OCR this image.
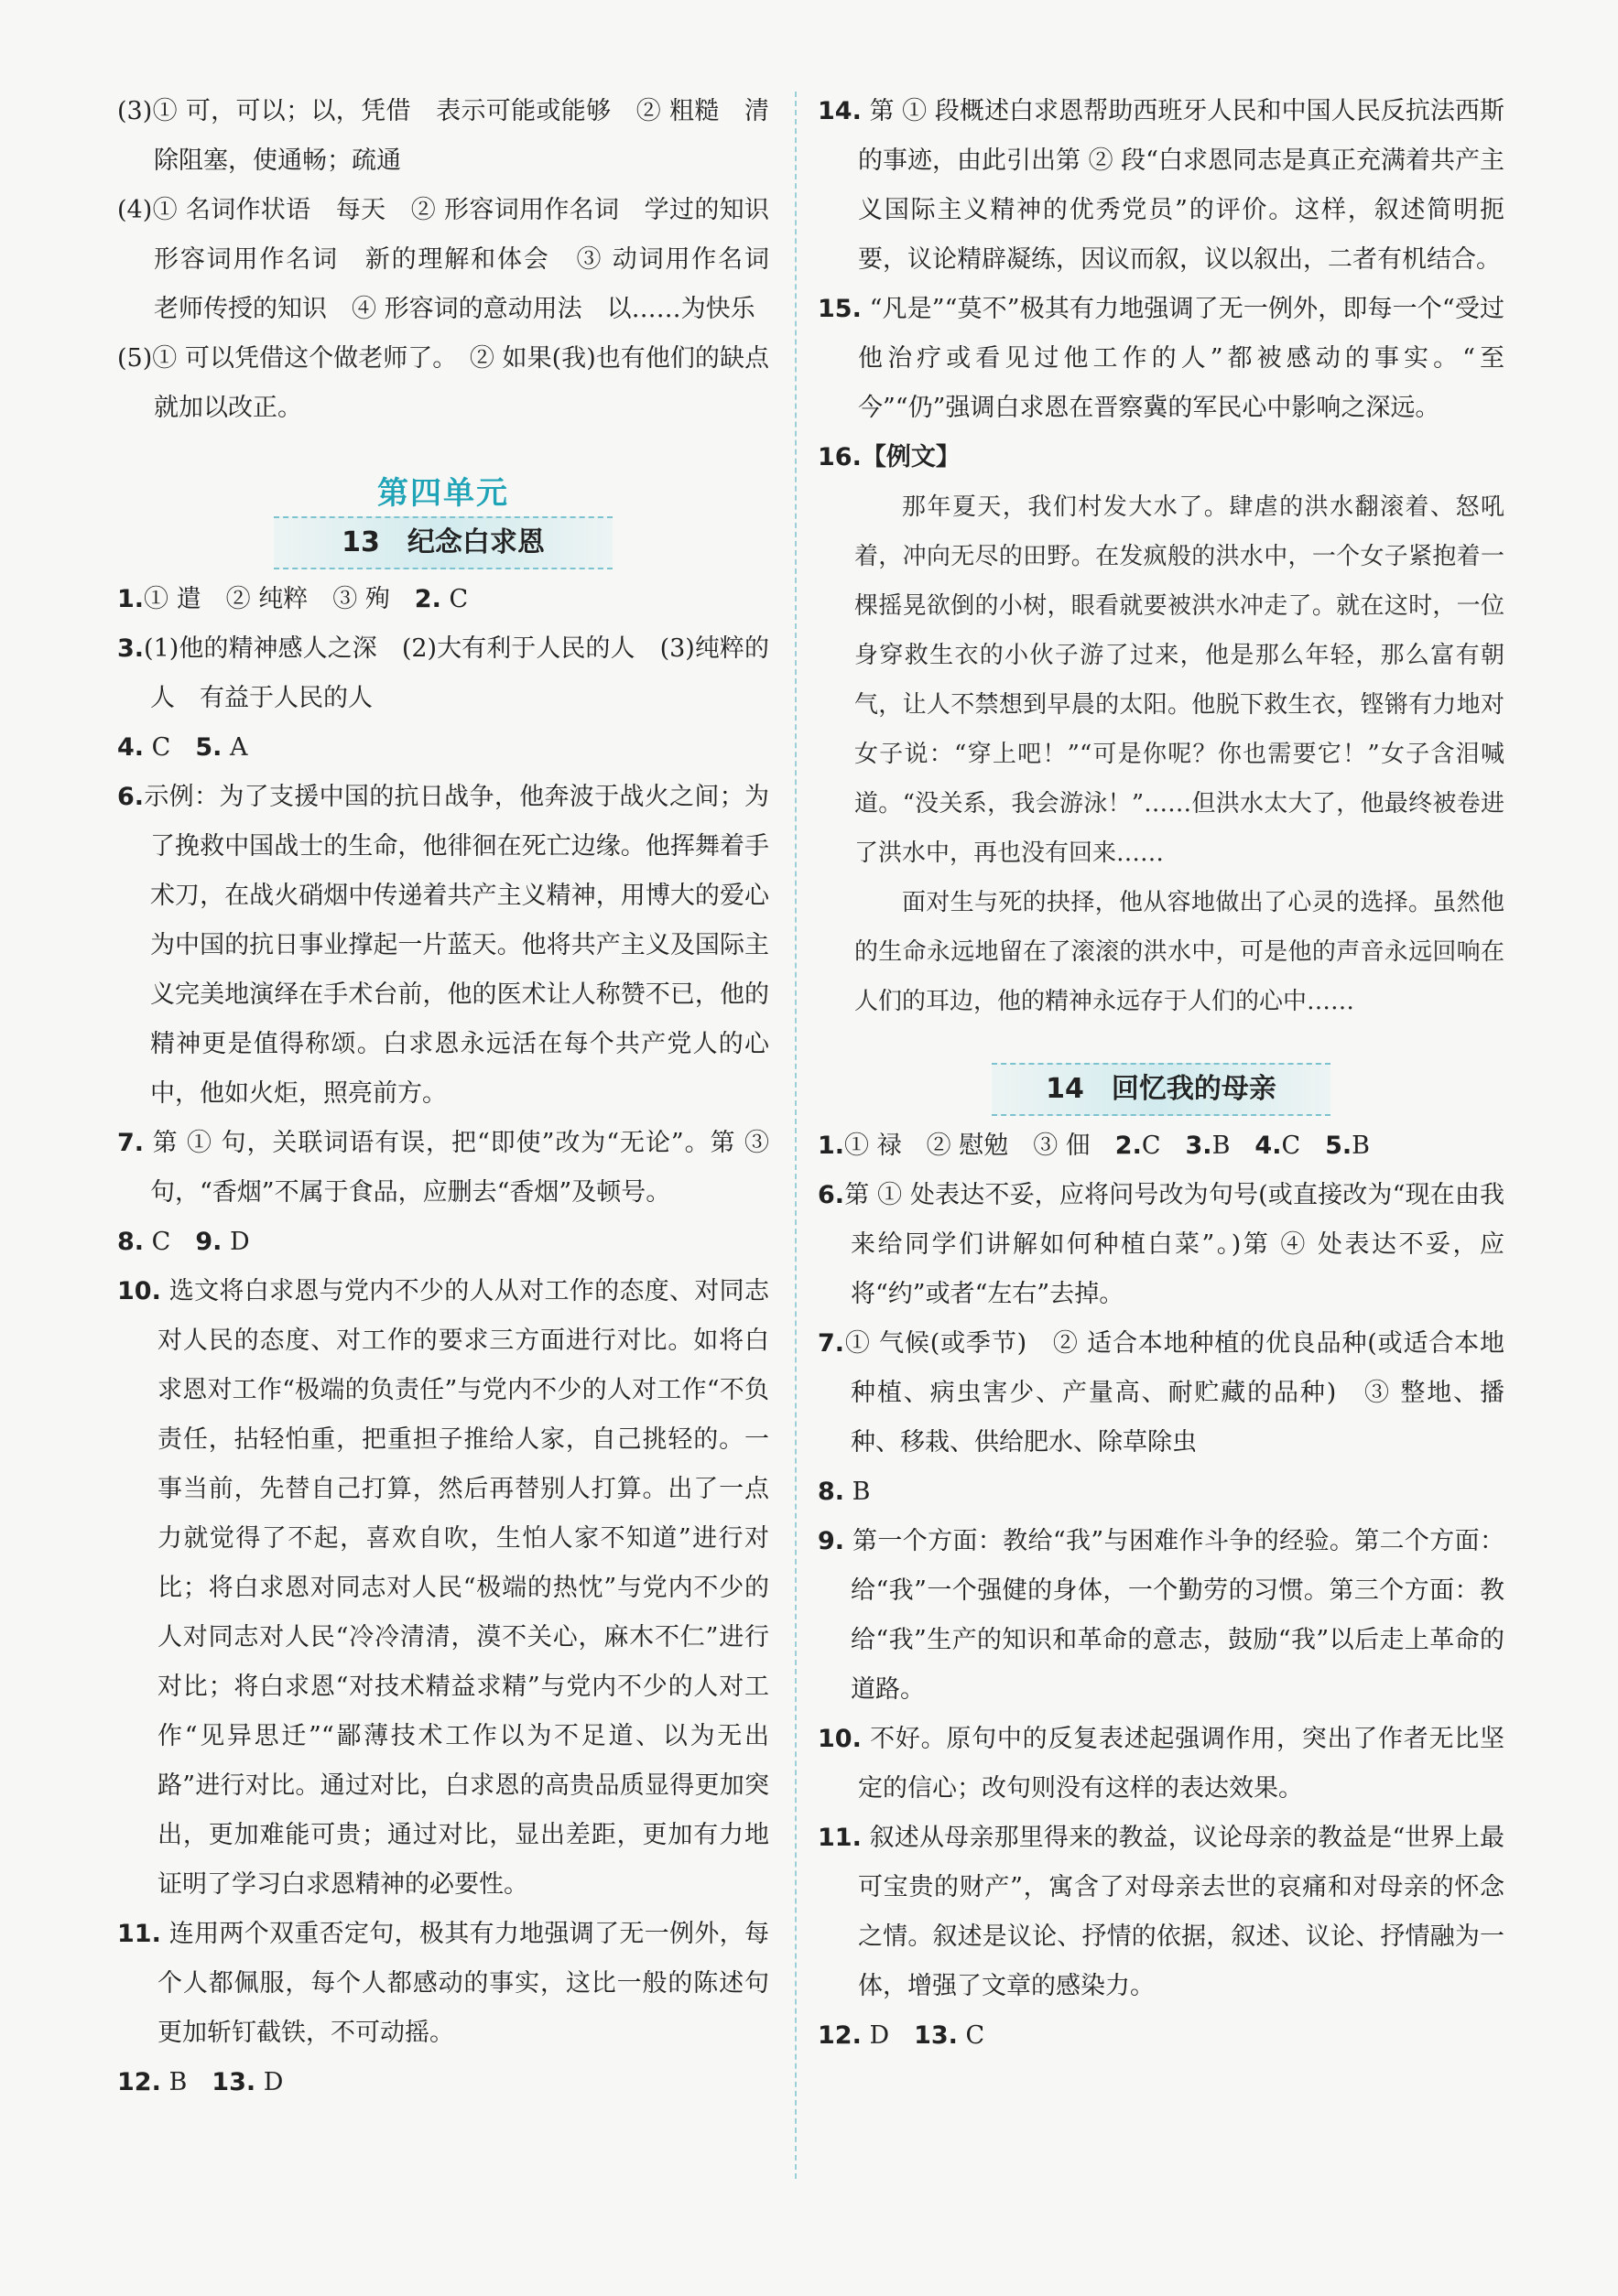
(3)① 可，可以；以，凭借　表示可能或能够　② 粗糙　清除阻塞，使通畅；疏通

(4)① 名词作状语　每天　② 形容词用作名词　学过的知识　形容词用作名词　新的理解和体会　③ 动词用作名词　老师传授的知识　④ 形容词的意动用法　以……为快乐

(5)① 可以凭借这个做老师了。　② 如果(我)也有他们的缺点就加以改正。

第四单元
13　纪念白求恩

1.① 遣　② 纯粹　③ 殉　2. C

3.(1)他的精神感人之深　(2)大有利于人民的人　(3)纯粹的人　有益于人民的人

4. C　5. A

6.示例：为了支援中国的抗日战争，他奔波于战火之间；为了挽救中国战士的生命，他徘徊在死亡边缘。他挥舞着手术刀，在战火硝烟中传递着共产主义精神，用博大的爱心为中国的抗日事业撑起一片蓝天。他将共产主义及国际主义完美地演绎在手术台前，他的医术让人称赞不已，他的精神更是值得称颂。白求恩永远活在每个共产党人的心中，他如火炬，照亮前方。

7. 第 ① 句，关联词语有误，把“即使”改为“无论”。第 ③ 句，“香烟”不属于食品，应删去“香烟”及顿号。

8. C　9. D

10. 选文将白求恩与党内不少的人从对工作的态度、对同志对人民的态度、对工作的要求三方面进行对比。如将白求恩对工作“极端的负责任”与党内不少的人对工作“不负责任，拈轻怕重，把重担子推给人家，自己挑轻的。一事当前，先替自己打算，然后再替别人打算。出了一点力就觉得了不起，喜欢自吹，生怕人家不知道”进行对比；将白求恩对同志对人民“极端的热忱”与党内不少的人对同志对人民“冷冷清清，漠不关心，麻木不仁”进行对比；将白求恩“对技术精益求精”与党内不少的人对工作“见异思迁”“鄙薄技术工作以为不足道、以为无出路”进行对比。通过对比，白求恩的高贵品质显得更加突出，更加难能可贵；通过对比，显出差距，更加有力地证明了学习白求恩精神的必要性。

11. 连用两个双重否定句，极其有力地强调了无一例外，每个人都佩服，每个人都感动的事实，这比一般的陈述句更加斩钉截铁，不可动摇。

12. B　13. D

14. 第 ① 段概述白求恩帮助西班牙人民和中国人民反抗法西斯的事迹，由此引出第 ② 段“白求恩同志是真正充满着共产主义国际主义精神的优秀党员”的评价。这样，叙述简明扼要，议论精辟凝练，因议而叙，议以叙出，二者有机结合。

15. “凡是”“莫不”极其有力地强调了无一例外，即每一个“受过他治疗或看见过他工作的人”都被感动的事实。“至今”“仍”强调白求恩在晋察冀的军民心中影响之深远。

16.【例文】

那年夏天，我们村发大水了。肆虐的洪水翻滚着、怒吼着，冲向无尽的田野。在发疯般的洪水中，一个女子紧抱着一棵摇晃欲倒的小树，眼看就要被洪水冲走了。就在这时，一位身穿救生衣的小伙子游了过来，他是那么年轻，那么富有朝气，让人不禁想到早晨的太阳。他脱下救生衣，铿锵有力地对女子说：“穿上吧！”“可是你呢？你也需要它！”女子含泪喊道。“没关系，我会游泳！”……但洪水太大了，他最终被卷进了洪水中，再也没有回来……

面对生与死的抉择，他从容地做出了心灵的选择。虽然他的生命永远地留在了滚滚的洪水中，可是他的声音永远回响在人们的耳边，他的精神永远存于人们的心中……

14　回忆我的母亲

1.① 禄　② 慰勉　③ 佃　2.C　 3.B　 4.C　 5.B

6.第 ① 处表达不妥，应将问号改为句号(或直接改为“现在由我来给同学们讲解如何种植白菜”。)第 ④ 处表达不妥，应将“约”或者“左右”去掉。

7.① 气候(或季节)　② 适合本地种植的优良品种(或适合本地种植、病虫害少、产量高、耐贮藏的品种)　③ 整地、播种、移栽、供给肥水、除草除虫

8. B

9. 第一个方面：教给“我”与困难作斗争的经验。第二个方面：给“我”一个强健的身体，一个勤劳的习惯。第三个方面：教给“我”生产的知识和革命的意志，鼓励“我”以后走上革命的道路。

10. 不好。原句中的反复表述起强调作用，突出了作者无比坚定的信心；改句则没有这样的表达效果。

11. 叙述从母亲那里得来的教益，议论母亲的教益是“世界上最可宝贵的财产”，寓含了对母亲去世的哀痛和对母亲的怀念之情。叙述是议论、抒情的依据，叙述、议论、抒情融为一体，增强了文章的感染力。

12. D　13. C
